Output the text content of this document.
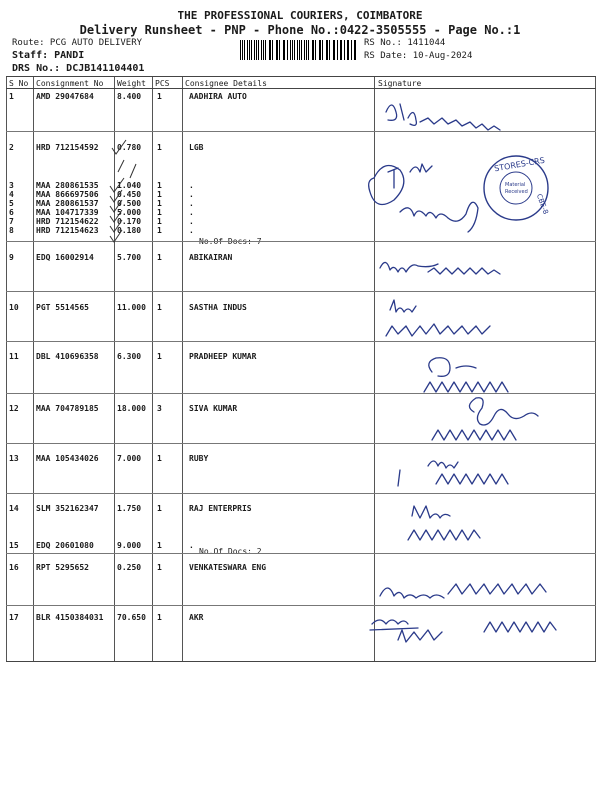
THE PROFESSIONAL COURIERS, COIMBATORE
Delivery Runsheet - PNP - Phone No.:0422-3505555 - Page No.:1
Route: PCG AUTO DELIVERY
Staff: PANDI
DRS No.: DCJB141104401
RS No.: 1411044
RS Date: 10-Aug-2024
S No Consignment No Weight PCS Consignee Details	Signature
No.Of Docs: 7
No.Of Docs: 2
1	AMD 29047684	8.400 1	AADHIRA AUTO
2	HRD 712154592 0.780 1	LGB
3	MAA 280861535 1.040 1	.
4	MAA 866697506 0.450 1	.
5	MAA 280861537 0.500 1	.
6	MAA 104717339 5.000 1	.
7	HRD 712154622 0.170 1	.
8	HRD 712154623 0.180 1	.
9	EDQ 16002914	5.700 1	ABIKAIRAN
10 PGT 5514565	11.000 1	SASTHA INDUS
11 DBL 410696358 6.300 1	PRADHEEP KUMAR
12 MAA 704789185 18.000 3	SIVA KUMAR
13 MAA 105434026 7.000 1	RUBY
14 SLM 352162347 1.750 1	RAJ ENTERPRIS
15 EDQ 20601080	9.000 1	.
16 RPT 5295652	0.250 1	VENKATESWARA ENG
17 BLR 4150384031 70.650 1	AKR
STORES-CRS
Material
Received
CBE-8
